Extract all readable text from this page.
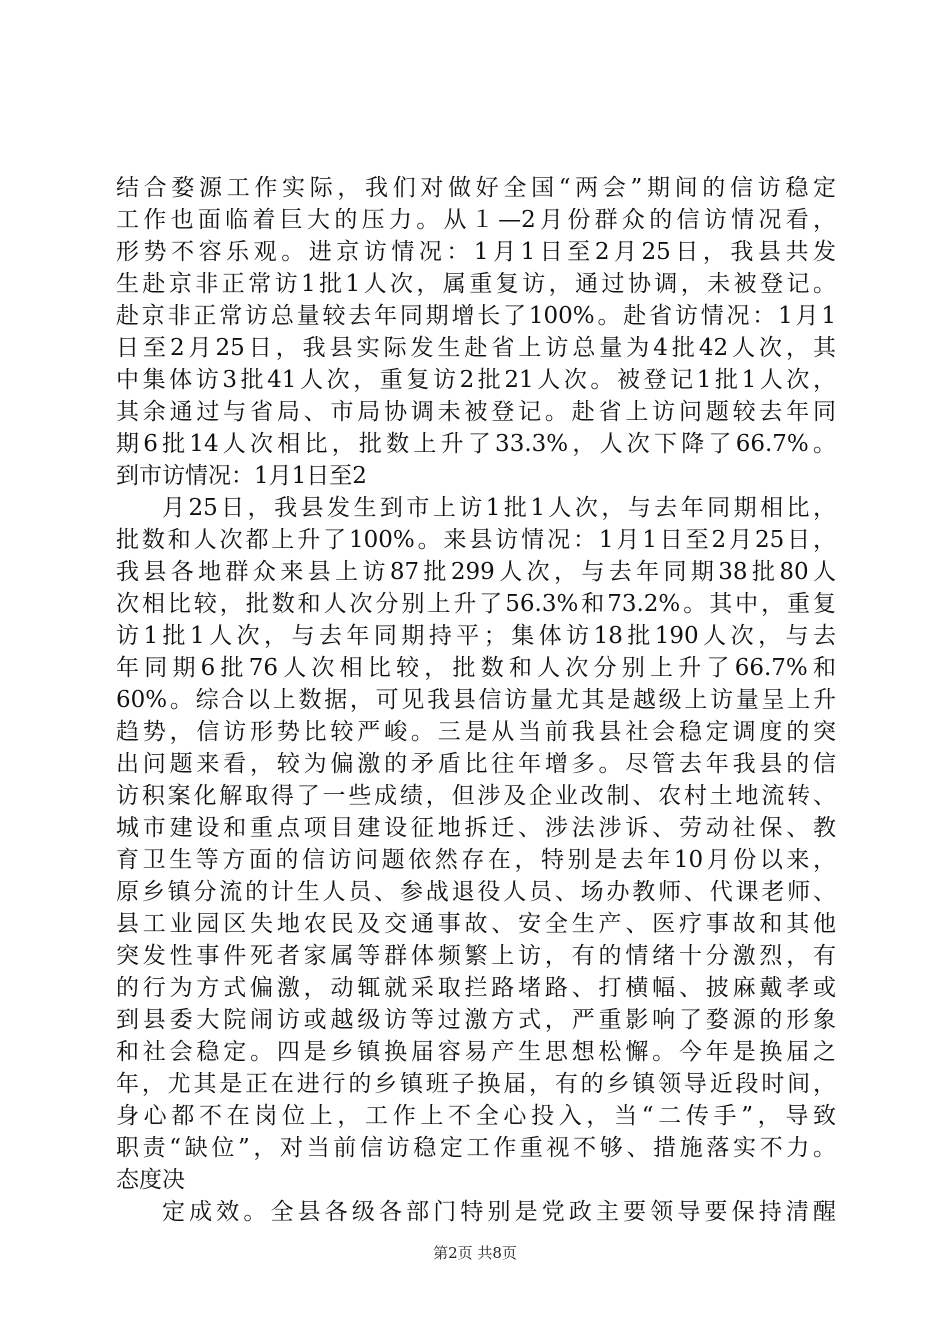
结合婺源工作实际，我们对做好全国“两会”期间的信访稳定
工作也面临着巨大的压力。从１—2月份群众的信访情况看，
形势不容乐观。进京访情况：1月1日至2月25日，我县共发
生赴京非正常访1批1人次，属重复访，通过协调，未被登记。
赴京非正常访总量较去年同期增长了100%。赴省访情况：1月1
日至2月25日，我县实际发生赴省上访总量为4批42人次，其
中集体访3批41人次，重复访2批21人次。被登记1批1人次，
其余通过与省局、市局协调未被登记。赴省上访问题较去年同
期6批14人次相比，批数上升了33.3%，人次下降了66.7%。
到市访情况：1月1日至2
月25日，我县发生到市上访1批1人次，与去年同期相比，
批数和人次都上升了100%。来县访情况：1月1日至2月25日，
我县各地群众来县上访87批299人次，与去年同期38批80人
次相比较，批数和人次分别上升了56.3%和73.2%。其中，重复
访1批1人次，与去年同期持平；集体访18批190人次，与去
年同期6批76人次相比较，批数和人次分别上升了66.7%和
60%。综合以上数据，可见我县信访量尤其是越级上访量呈上升
趋势，信访形势比较严峻。三是从当前我县社会稳定调度的突
出问题来看，较为偏激的矛盾比往年增多。尽管去年我县的信
访积案化解取得了一些成绩，但涉及企业改制、农村土地流转、
城市建设和重点项目建设征地拆迁、涉法涉诉、劳动社保、教
育卫生等方面的信访问题依然存在，特别是去年10月份以来，
原乡镇分流的计生人员、参战退役人员、场办教师、代课老师、
县工业园区失地农民及交通事故、安全生产、医疗事故和其他
突发性事件死者家属等群体频繁上访，有的情绪十分激烈，有
的行为方式偏激，动辄就采取拦路堵路、打横幅、披麻戴孝或
到县委大院闹访或越级访等过激方式，严重影响了婺源的形象
和社会稳定。四是乡镇换届容易产生思想松懈。今年是换届之
年，尤其是正在进行的乡镇班子换届，有的乡镇领导近段时间，
身心都不在岗位上，工作上不全心投入，当“二传手”，导致
职责“缺位”，对当前信访稳定工作重视不够、措施落实不力。
态度决
定成效。全县各级各部门特别是党政主要领导要保持清醒
第2页 共8页
